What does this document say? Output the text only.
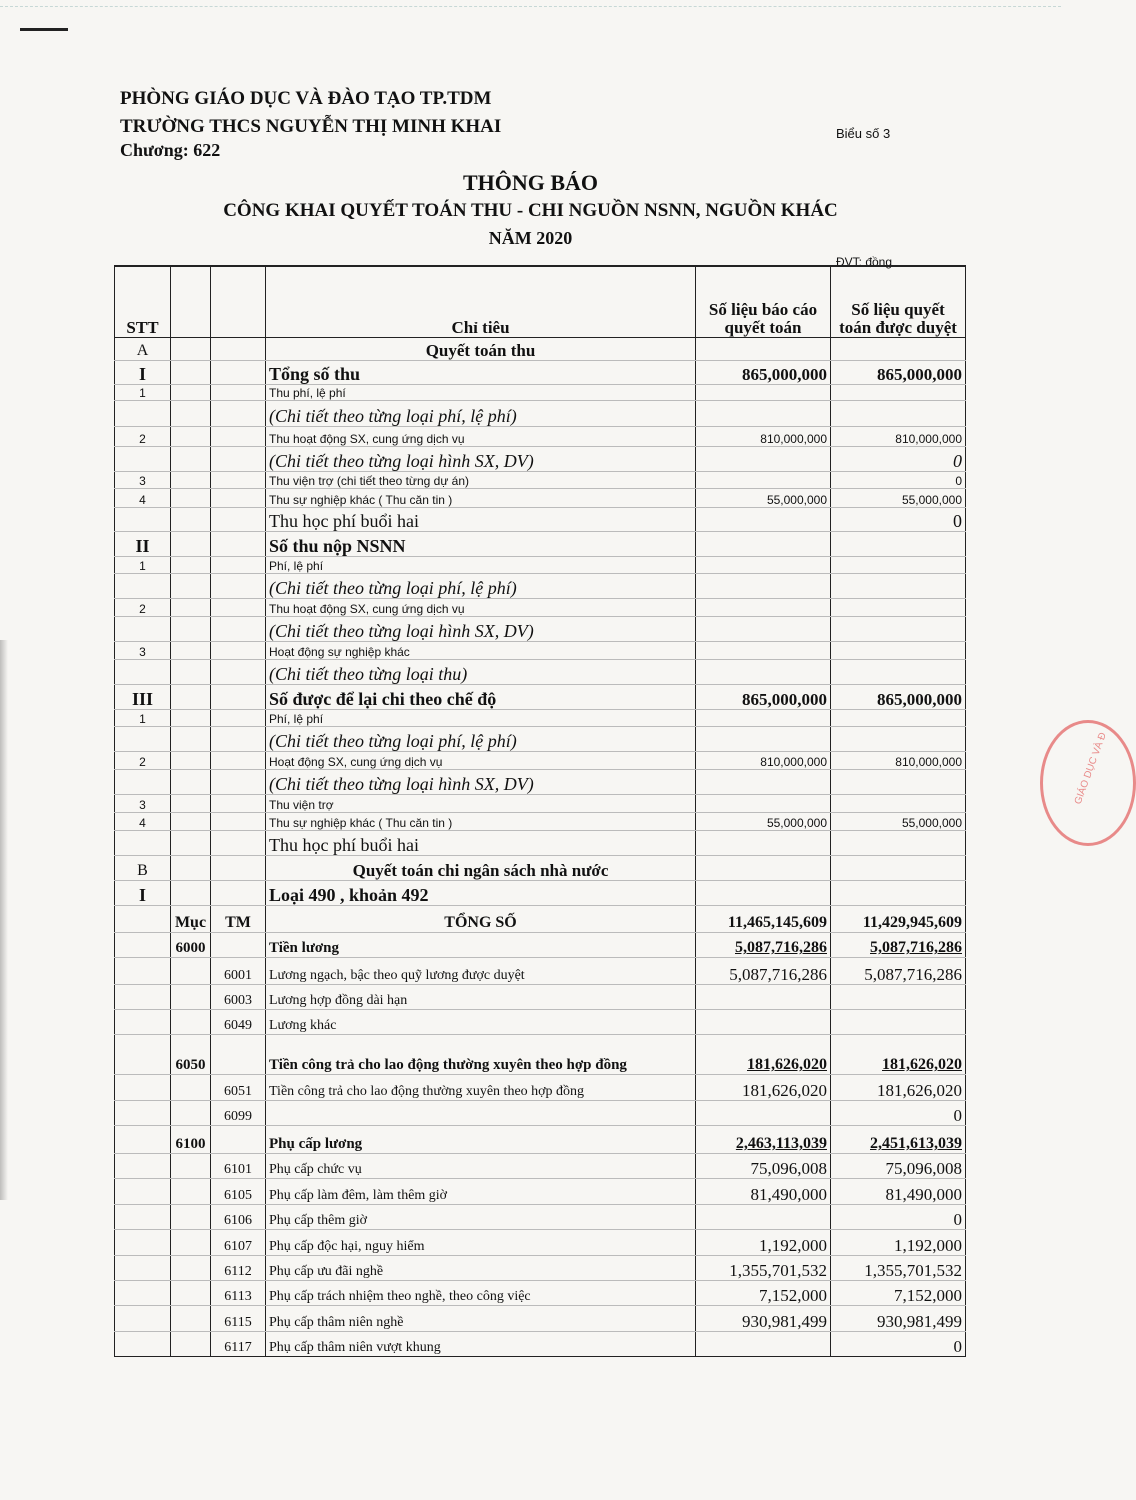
PHÒNG GIÁO DỤC VÀ ĐÀO TẠO TP.TDM
TRƯỜNG THCS NGUYỄN THỊ MINH KHAI
Chương: 622
Biểu số 3
THÔNG BÁO
CÔNG KHAI QUYẾT TOÁN THU - CHI NGUỒN NSNN, NGUỒN KHÁC
NĂM 2020
ĐVT: đồng
GIÁO DỤC VÀ Đ
STT			Chỉ tiêu	Số liệu báo cáo quyết toán	Số liệu quyết toán được duyệt
A			Quyết toán thu		
I			Tổng số thu	865,000,000	865,000,000
1			Thu phí, lệ phí		
			(Chi tiết theo từng loại phí, lệ phí)		
2			Thu hoạt động SX, cung ứng dịch vụ	810,000,000	810,000,000
			(Chi tiết theo từng loại hình SX, DV)		0
3			Thu viện trợ (chi tiết theo từng dự án)		0
4			Thu sự nghiệp khác ( Thu căn tin )	55,000,000	55,000,000
			Thu học phí buổi hai		0
II			Số thu nộp NSNN		
1			Phí, lệ phí		
			(Chi tiết theo từng loại phí, lệ phí)		
2			Thu hoạt động SX, cung ứng dịch vụ		
			(Chi tiết theo từng loại hình SX, DV)		
3			Hoạt động sự nghiệp khác		
			(Chi tiết theo từng loại thu)		
III			Số được để lại chi theo chế độ	865,000,000	865,000,000
1			Phí, lệ phí		
			(Chi tiết theo từng loại phí, lệ phí)		
2			Hoạt động SX, cung ứng dịch vụ	810,000,000	810,000,000
			(Chi tiết theo từng loại hình SX, DV)		
3			Thu viện trợ		
4			Thu sự nghiệp khác ( Thu căn tin )	55,000,000	55,000,000
			Thu học phí buổi hai		
B			Quyết toán chi ngân sách nhà nước		
I			Loại 490 , khoản 492		
	Mục	TM	TỔNG SỐ	11,465,145,609	11,429,945,609
	6000		Tiền lương	5,087,716,286	5,087,716,286
		6001	Lương ngạch, bậc theo quỹ lương được duyệt	5,087,716,286	5,087,716,286
		6003	Lương hợp đồng dài hạn		
		6049	Lương khác		
	6050		Tiền công trả cho lao động thường xuyên theo hợp đồng	181,626,020	181,626,020
		6051	Tiền công trả cho lao động thường xuyên theo hợp đồng	181,626,020	181,626,020
		6099			0
	6100		Phụ cấp lương	2,463,113,039	2,451,613,039
		6101	Phụ cấp chức vụ	75,096,008	75,096,008
		6105	Phụ cấp làm đêm, làm thêm giờ	81,490,000	81,490,000
		6106	Phụ cấp thêm giờ		0
		6107	Phụ cấp độc hại, nguy hiểm	1,192,000	1,192,000
		6112	Phụ cấp ưu đãi nghề	1,355,701,532	1,355,701,532
		6113	Phụ cấp trách nhiệm theo nghề, theo công việc	7,152,000	7,152,000
		6115	Phụ cấp thâm niên nghề	930,981,499	930,981,499
		6117	Phụ cấp thâm niên vượt khung		0
